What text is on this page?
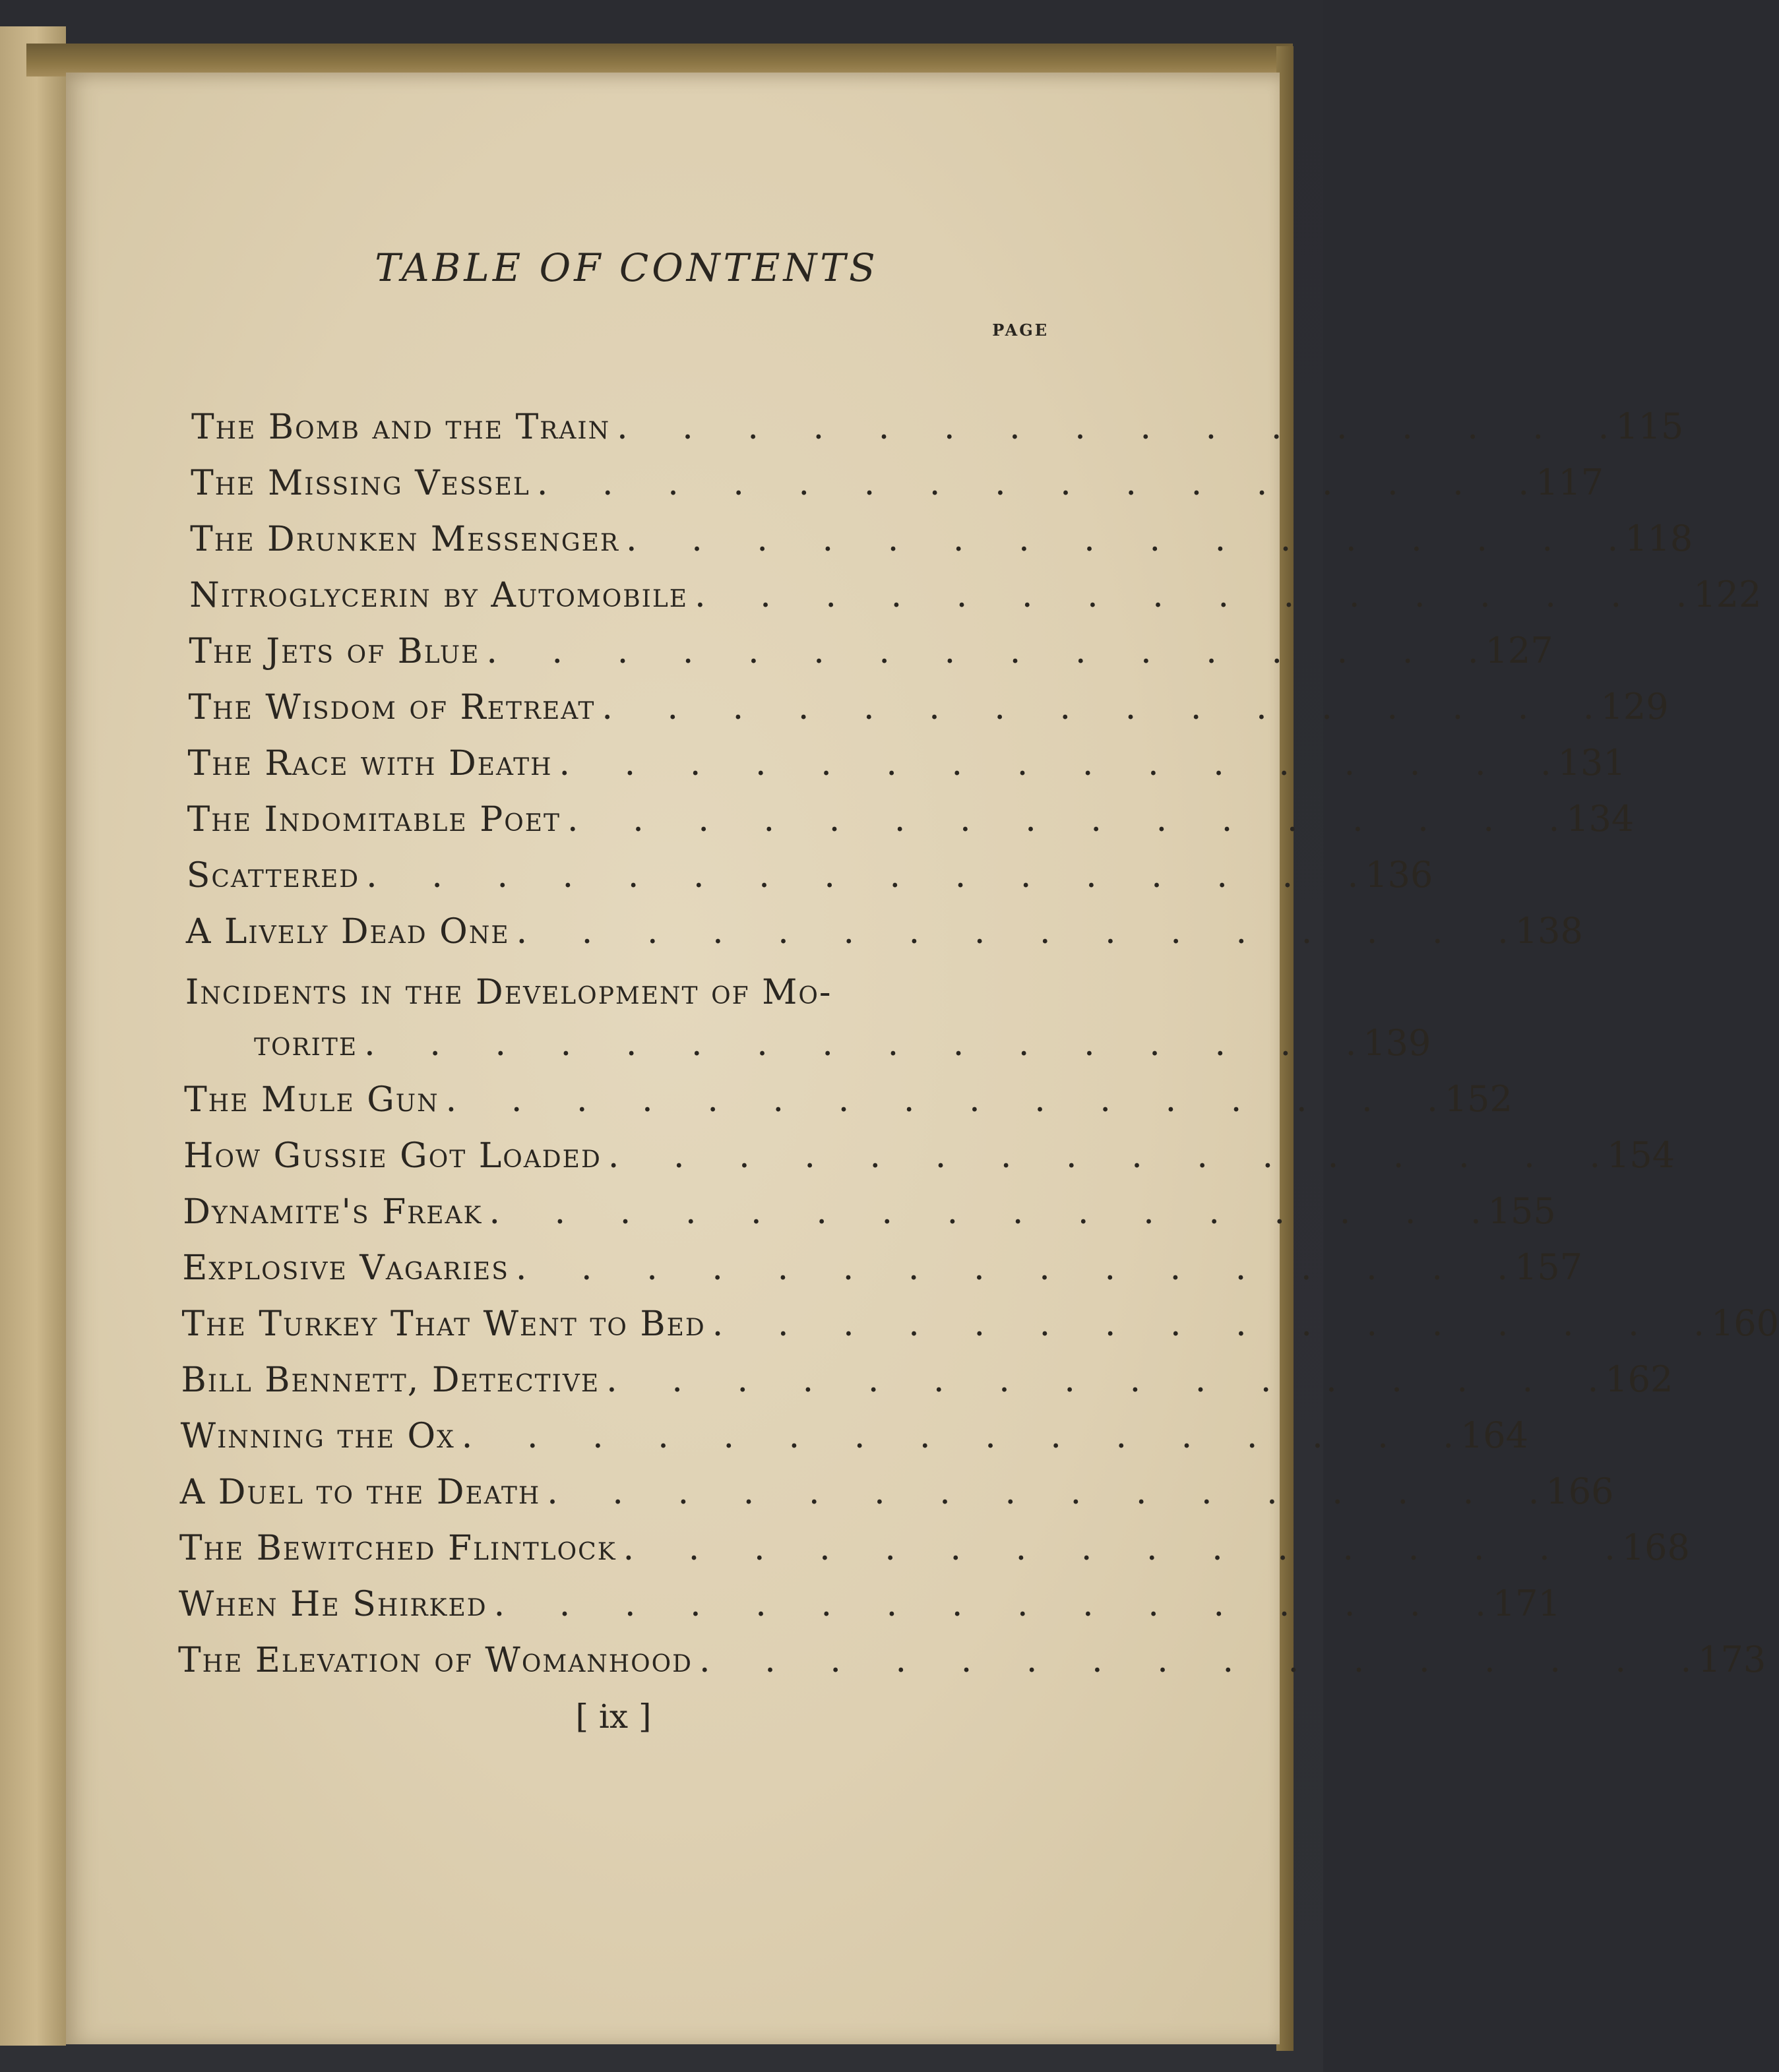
TABLE OF CONTENTS
PAGE
The Bomb and the Train .     .     .     .     .     .     .     .     .     .     .     .     .     .     .     . 115
The Missing Vessel .     .     .     .     .     .     .     .     .     .     .     .     .     .     .     . 117
The Drunken Messenger .     .     .     .     .     .     .     .     .     .     .     .     .     .     .     . 118
Nitroglycerin by Automobile .     .     .     .     .     .     .     .     .     .     .     .     .     .     .     . 122
The Jets of Blue .     .     .     .     .     .     .     .     .     .     .     .     .     .     .     . 127
The Wisdom of Retreat .     .     .     .     .     .     .     .     .     .     .     .     .     .     .     . 129
The Race with Death .     .     .     .     .     .     .     .     .     .     .     .     .     .     .     . 131
The Indomitable Poet .     .     .     .     .     .     .     .     .     .     .     .     .     .     .     . 134
Scattered .     .     .     .     .     .     .     .     .     .     .     .     .     .     .     . 136
A Lively Dead One .     .     .     .     .     .     .     .     .     .     .     .     .     .     .     . 138
Incidents in the Development of Mo-
torite .     .     .     .     .     .     .     .     .     .     .     .     .     .     .     . 139
The Mule Gun .     .     .     .     .     .     .     .     .     .     .     .     .     .     .     . 152
How Gussie Got Loaded .     .     .     .     .     .     .     .     .     .     .     .     .     .     .     . 154
Dynamite's Freak .     .     .     .     .     .     .     .     .     .     .     .     .     .     .     . 155
Explosive Vagaries .     .     .     .     .     .     .     .     .     .     .     .     .     .     .     . 157
The Turkey That Went to Bed .     .     .     .     .     .     .     .     .     .     .     .     .     .     .     . 160
Bill Bennett, Detective .     .     .     .     .     .     .     .     .     .     .     .     .     .     .     . 162
Winning the Ox .     .     .     .     .     .     .     .     .     .     .     .     .     .     .     . 164
A Duel to the Death .     .     .     .     .     .     .     .     .     .     .     .     .     .     .     . 166
The Bewitched Flintlock .     .     .     .     .     .     .     .     .     .     .     .     .     .     .     . 168
When He Shirked .     .     .     .     .     .     .     .     .     .     .     .     .     .     .     . 171
The Elevation of Womanhood .     .     .     .     .     .     .     .     .     .     .     .     .     .     .     . 173
[ ix ]
